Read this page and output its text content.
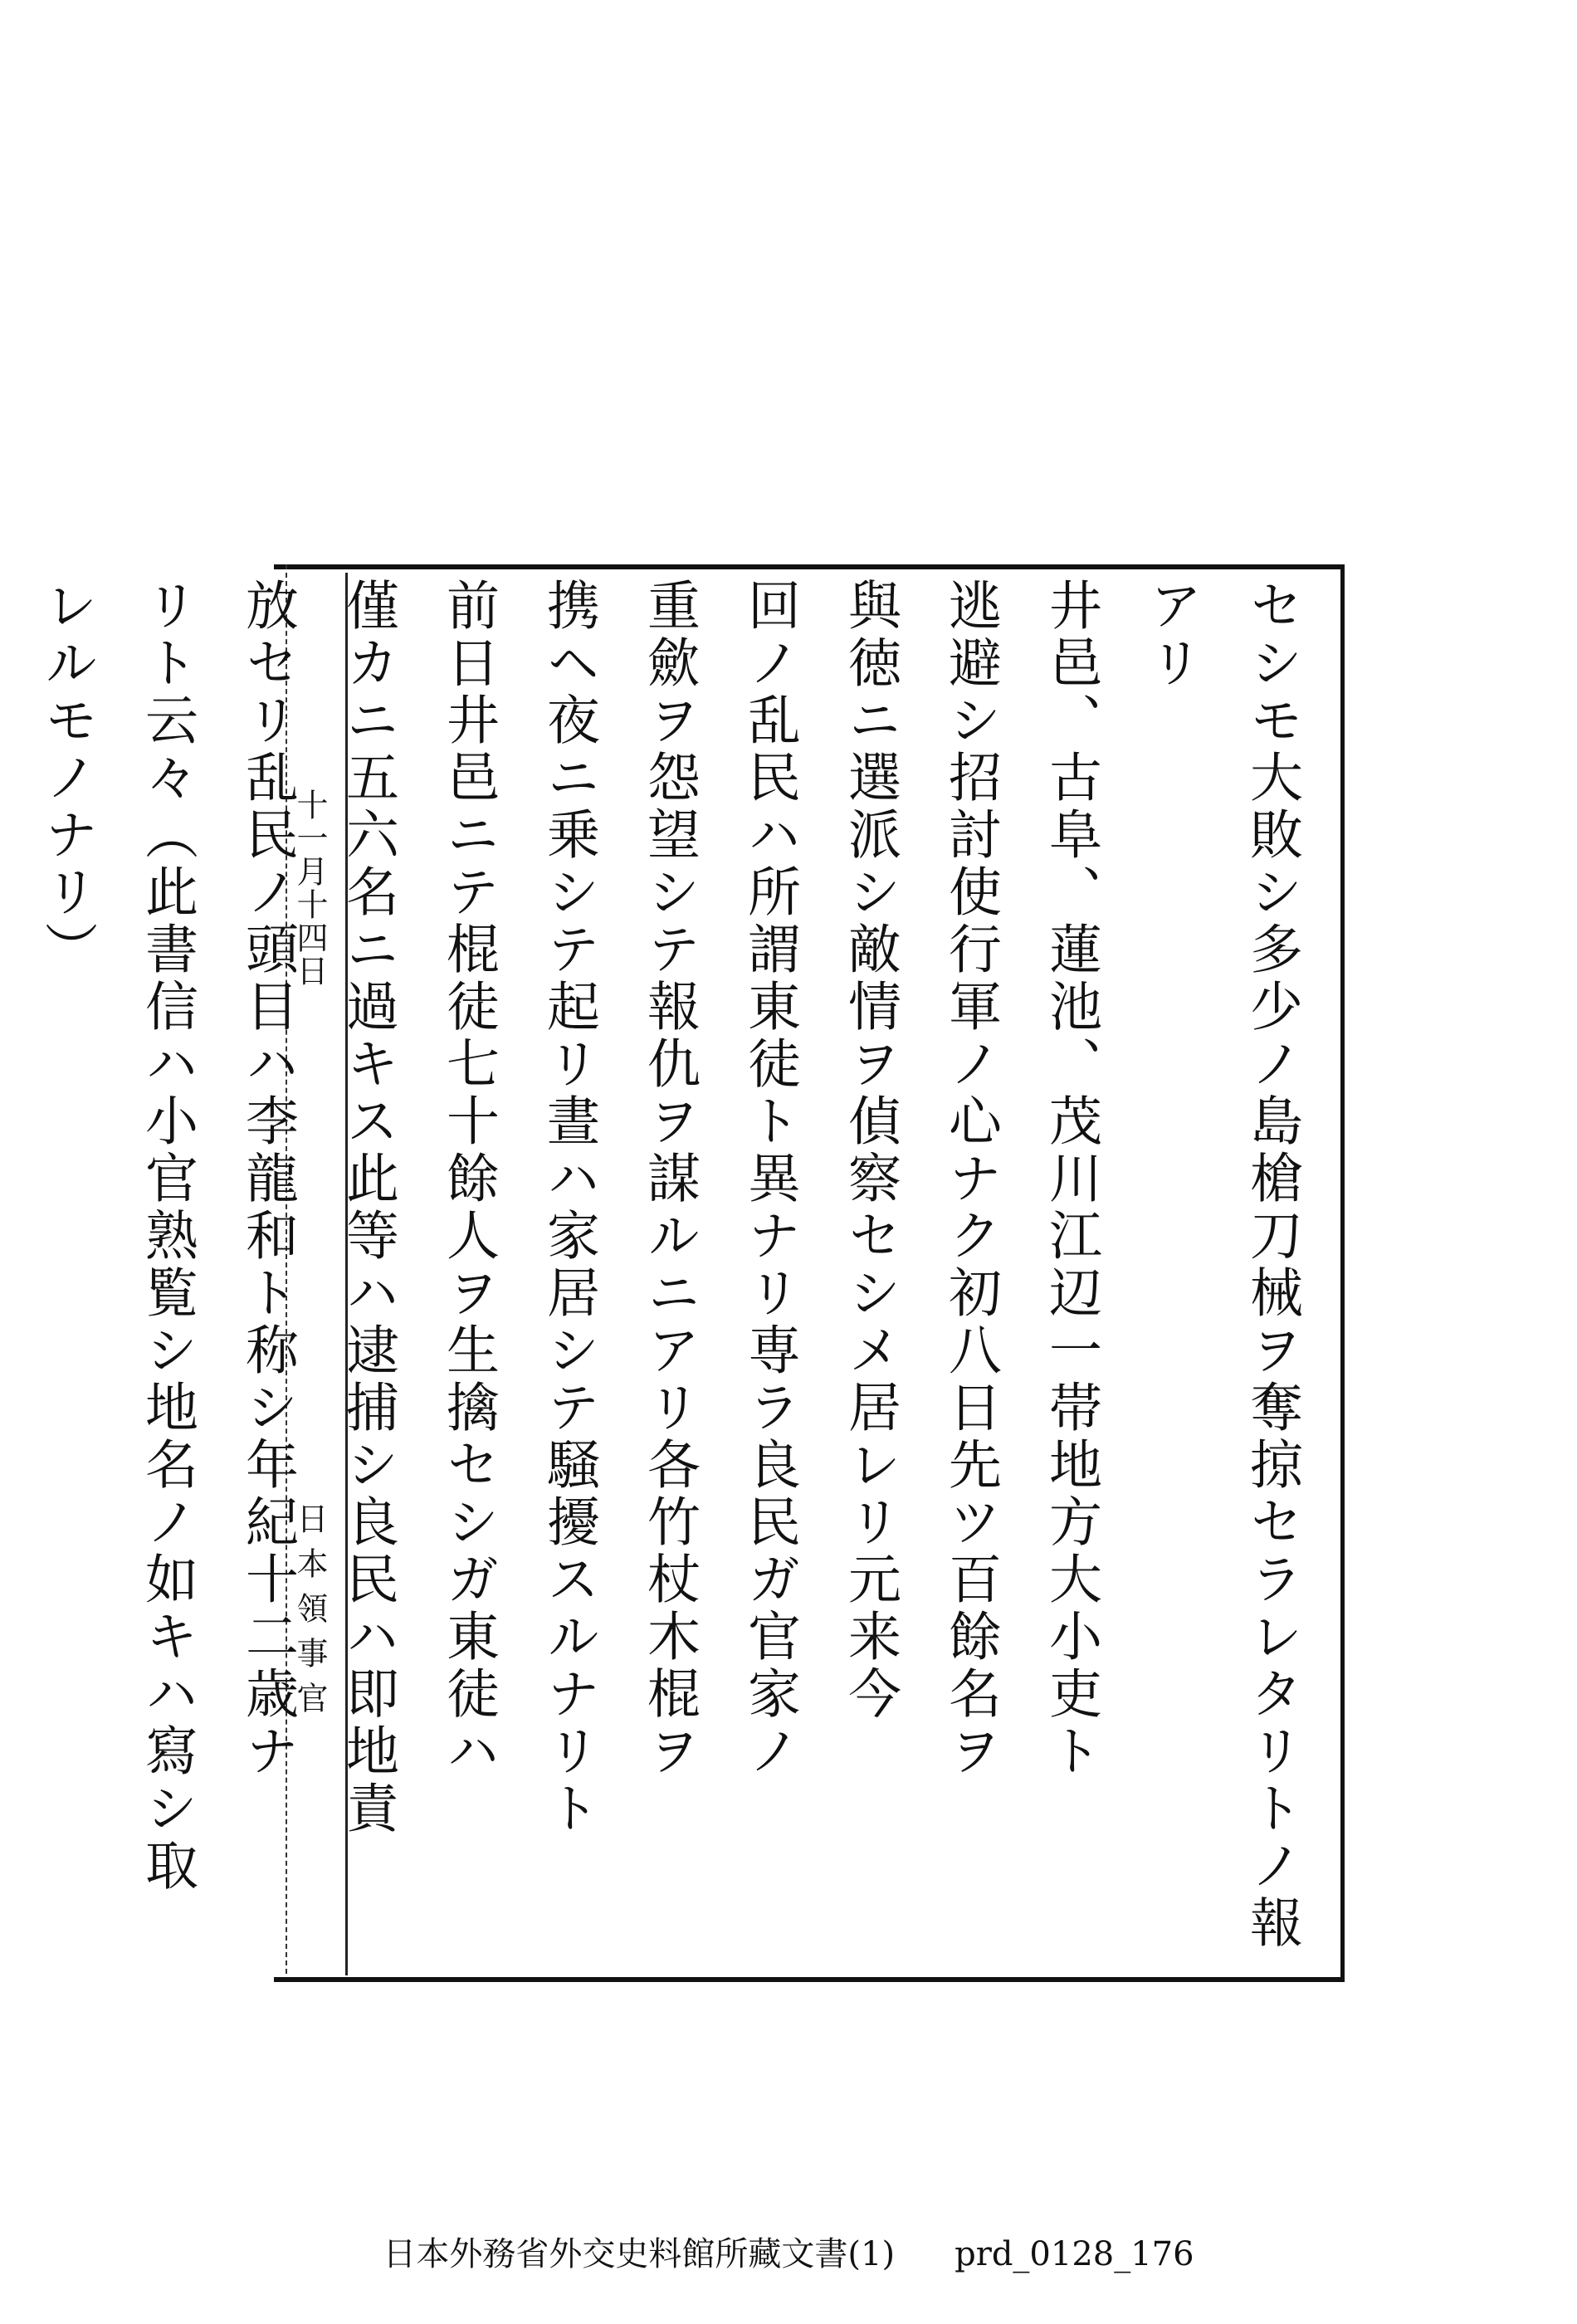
十一月十四日
日本領事官	セシモ大敗シ多少ノ島槍刀械ヲ奪掠セラレタリトノ報アリ
井邑、古阜、蓮池、茂川江辺一帯地方大小吏ト
逃避シ招討使行軍ノ心ナク初八日先ツ百餘名ヲ
與徳ニ選派シ敵情ヲ偵察セシメ居レリ元来今
回ノ乱民ハ所謂東徒ト異ナリ専ラ良民ガ官家ノ
重歛ヲ怨望シテ報仇ヲ謀ルニアリ各竹杖木棍ヲ
携ヘ夜ニ乗シテ起リ晝ハ家居シテ騒擾スルナリト
前日井邑ニテ棍徒七十餘人ヲ生擒セシガ東徒ハ
僅カニ五六名ニ過キス此等ハ逮捕シ良民ハ即地責
放セリ乱民ノ頭目ハ李龍和ト称シ年紀十二歳ナ
リト云々（此書信ハ小官熟覧シ地名ノ如キハ寫シ取
レルモノナリ）
日本外務省外交史料館所藏文書(1) prd_0128_176
